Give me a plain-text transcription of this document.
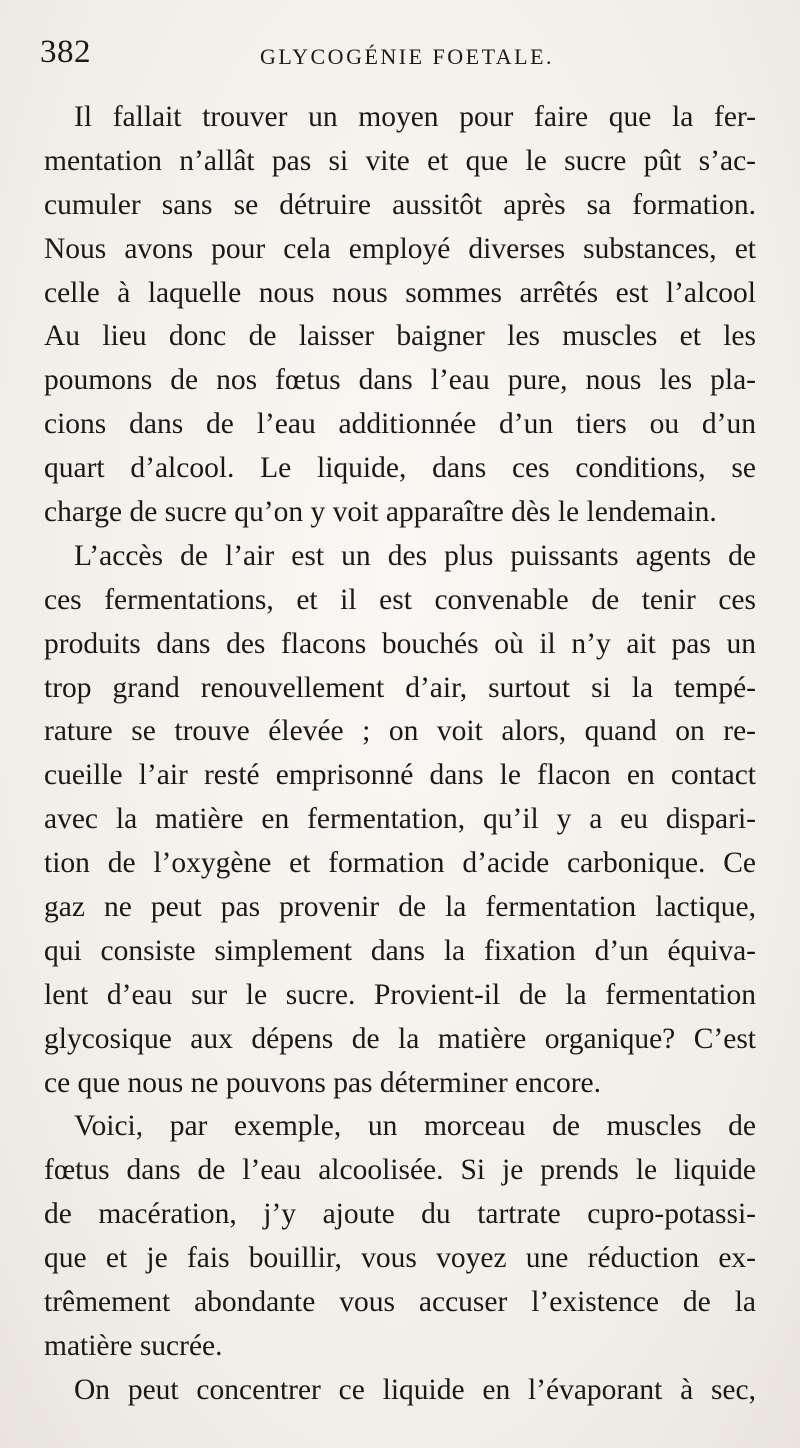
382	GLYCOGÉNIE FOETALE.
Il fallait trouver un moyen pour faire que la fer-
mentation n’allât pas si vite et que le sucre pût s’ac-
cumuler sans se détruire aussitôt après sa formation.
Nous avons pour cela employé diverses substances, et
celle à laquelle nous nous sommes arrêtés est l’alcool
Au lieu donc de laisser baigner les muscles et les
poumons de nos fœtus dans l’eau pure, nous les pla-
cions dans de l’eau additionnée d’un tiers ou d’un
quart d’alcool. Le liquide, dans ces conditions, se
charge de sucre qu’on y voit apparaître dès le lendemain.
L’accès de l’air est un des plus puissants agents de
ces fermentations, et il est convenable de tenir ces
produits dans des flacons bouchés où il n’y ait pas un
trop grand renouvellement d’air, surtout si la tempé-
rature se trouve élevée ; on voit alors, quand on re-
cueille l’air resté emprisonné dans le flacon en contact
avec la matière en fermentation, qu’il y a eu dispari-
tion de l’oxygène et formation d’acide carbonique. Ce
gaz ne peut pas provenir de la fermentation lactique,
qui consiste simplement dans la fixation d’un équiva-
lent d’eau sur le sucre. Provient-il de la fermentation
glycosique aux dépens de la matière organique? C’est
ce que nous ne pouvons pas déterminer encore.
Voici, par exemple, un morceau de muscles de
fœtus dans de l’eau alcoolisée. Si je prends le liquide
de macération, j’y ajoute du tartrate cupro-potassi-
que et je fais bouillir, vous voyez une réduction ex-
trêmement abondante vous accuser l’existence de la
matière sucrée.
On peut concentrer ce liquide en l’évaporant à sec,
